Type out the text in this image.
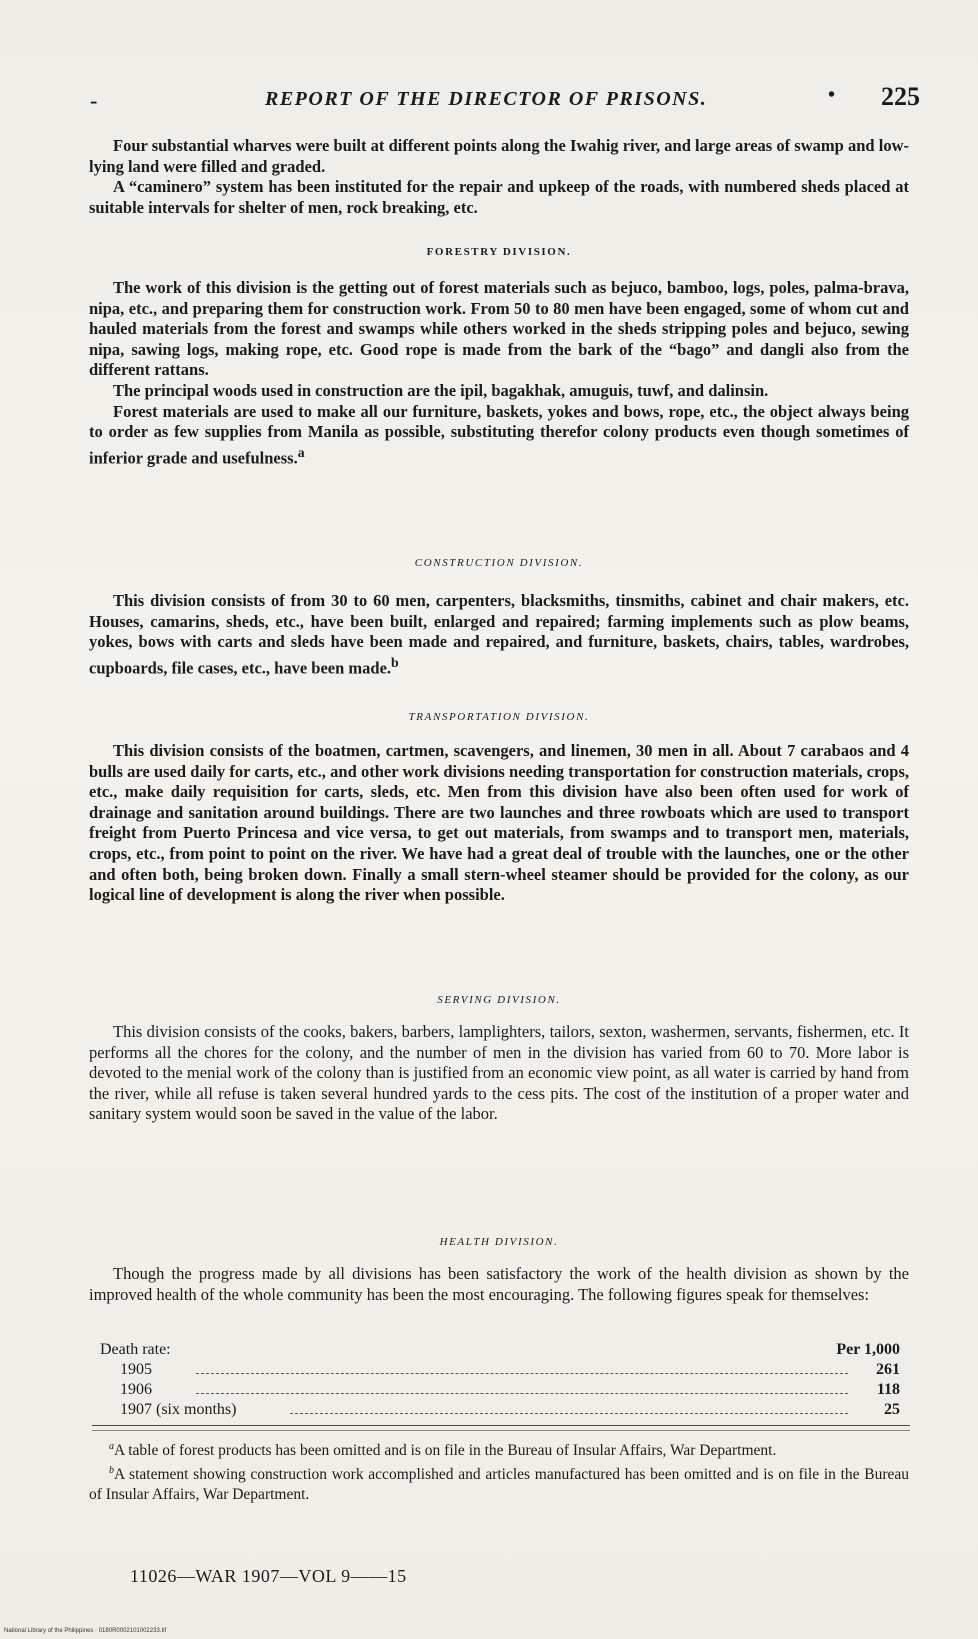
-	REPORT OF THE DIRECTOR OF PRISONS.	• 225

Four substantial wharves were built at different points along the Iwahig river, and large areas of swamp and low-lying land were filled and graded.

A “caminero” system has been instituted for the repair and upkeep of the roads, with numbered sheds placed at suitable intervals for shelter of men, rock breaking, etc.

FORESTRY DIVISION.

The work of this division is the getting out of forest materials such as bejuco, bamboo, logs, poles, palma-brava, nipa, etc., and preparing them for construction work. From 50 to 80 men have been engaged, some of whom cut and hauled materials from the forest and swamps while others worked in the sheds stripping poles and bejuco, sewing nipa, sawing logs, making rope, etc. Good rope is made from the bark of the “bago” and dangli also from the different rattans.

The principal woods used in construction are the ipil, bagakhak, amuguis, tuwf, and dalinsin.

Forest materials are used to make all our furniture, baskets, yokes and bows, rope, etc., the object always being to order as few supplies from Manila as possible, substituting therefor colony products even though sometimes of inferior grade and usefulness.$^a$

CONSTRUCTION DIVISION.

This division consists of from 30 to 60 men, carpenters, blacksmiths, tinsmiths, cabinet and chair makers, etc. Houses, camarins, sheds, etc., have been built, enlarged and repaired; farming implements such as plow beams, yokes, bows with carts and sleds have been made and repaired, and furniture, baskets, chairs, tables, wardrobes, cupboards, file cases, etc., have been made.$^b$

TRANSPORTATION DIVISION.

This division consists of the boatmen, cartmen, scavengers, and linemen, 30 men in all. About 7 carabaos and 4 bulls are used daily for carts, etc., and other work divisions needing transportation for construction materials, crops, etc., make daily requisition for carts, sleds, etc. Men from this division have also been often used for work of drainage and sanitation around buildings. There are two launches and three rowboats which are used to transport freight from Puerto Princesa and vice versa, to get out materials, from swamps and to transport men, materials, crops, etc., from point to point on the river. We have had a great deal of trouble with the launches, one or the other and often both, being broken down. Finally a small stern-wheel steamer should be provided for the colony, as our logical line of development is along the river when possible.

SERVING DIVISION.

This division consists of the cooks, bakers, barbers, lamplighters, tailors, sexton, washermen, servants, fishermen, etc. It performs all the chores for the colony, and the number of men in the division has varied from 60 to 70. More labor is devoted to the menial work of the colony than is justified from an economic view point, as all water is carried by hand from the river, while all refuse is taken several hundred yards to the cess pits. The cost of the institution of a proper water and sanitary system would soon be saved in the value of the labor.

HEALTH DIVISION.

Though the progress made by all divisions has been satisfactory the work of the health division as shown by the improved health of the whole community has been the most encouraging. The following figures speak for themselves:

Death rate:	Per 1,000
1905	261
1906	118
1907 (six months)	25

$^a$A table of forest products has been omitted and is on file in the Bureau of Insular Affairs, War Department.

$^b$A statement showing construction work accomplished and articles manufactured has been omitted and is on file in the Bureau of Insular Affairs, War Department.

11026—WAR 1907—VOL 9——15
National Library of the Philippines · 0180R0002101002233.tif
